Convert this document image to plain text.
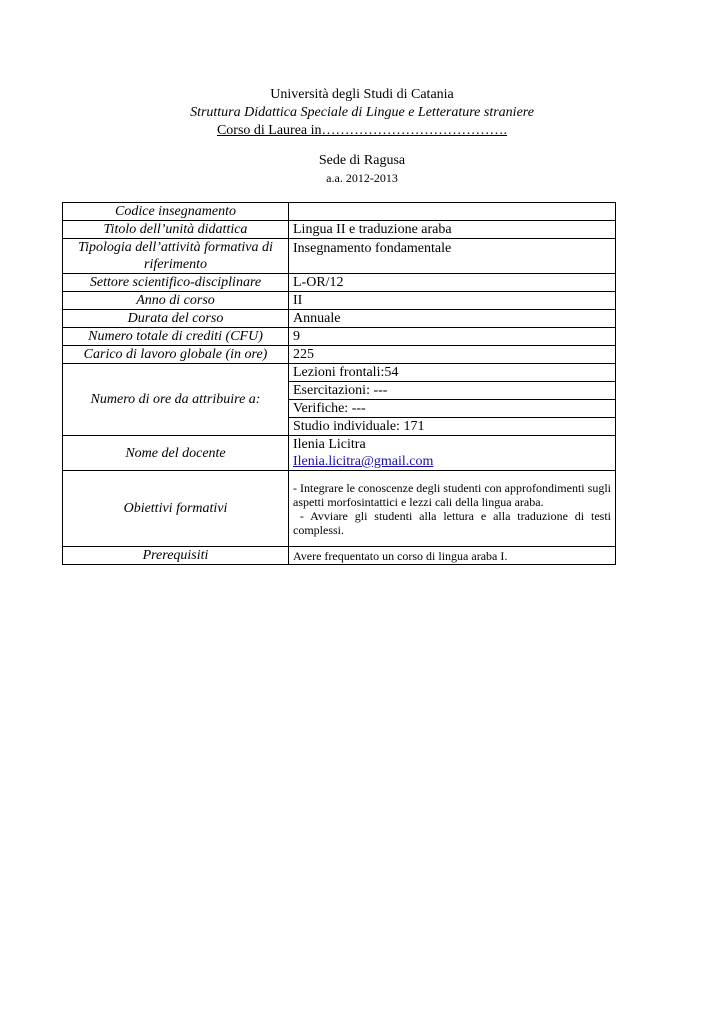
Università degli Studi di Catania
Struttura Didattica Speciale di Lingue e Letterature straniere
Corso di Laurea in………………………………….
Sede di Ragusa
a.a. 2012-2013
Codice insegnamento	
Titolo dell’unità didattica	Lingua II e traduzione araba
Tipologia dell’attività formativa di riferimento	Insegnamento fondamentale
Settore scientifico-disciplinare	L-OR/12
Anno di corso	II
Durata del corso	Annuale
Numero totale di crediti (CFU)	9
Carico di lavoro globale (in ore)	225
Numero di ore da attribuire a:	Lezioni frontali:54
	Esercitazioni: ---
	Verifiche: ---
	Studio individuale: 171
Nome del docente	Ilenia Licitra
Ilenia.licitra@gmail.com

Obiettivi formativi	- Integrare le conoscenze degli studenti con approfondimenti sugli aspetti morfosintattici e lezzi cali della lingua araba.
- Avviare gli studenti alla lettura e alla traduzione di testi complessi.

Prerequisiti	Avere frequentato un corso di lingua araba I.
